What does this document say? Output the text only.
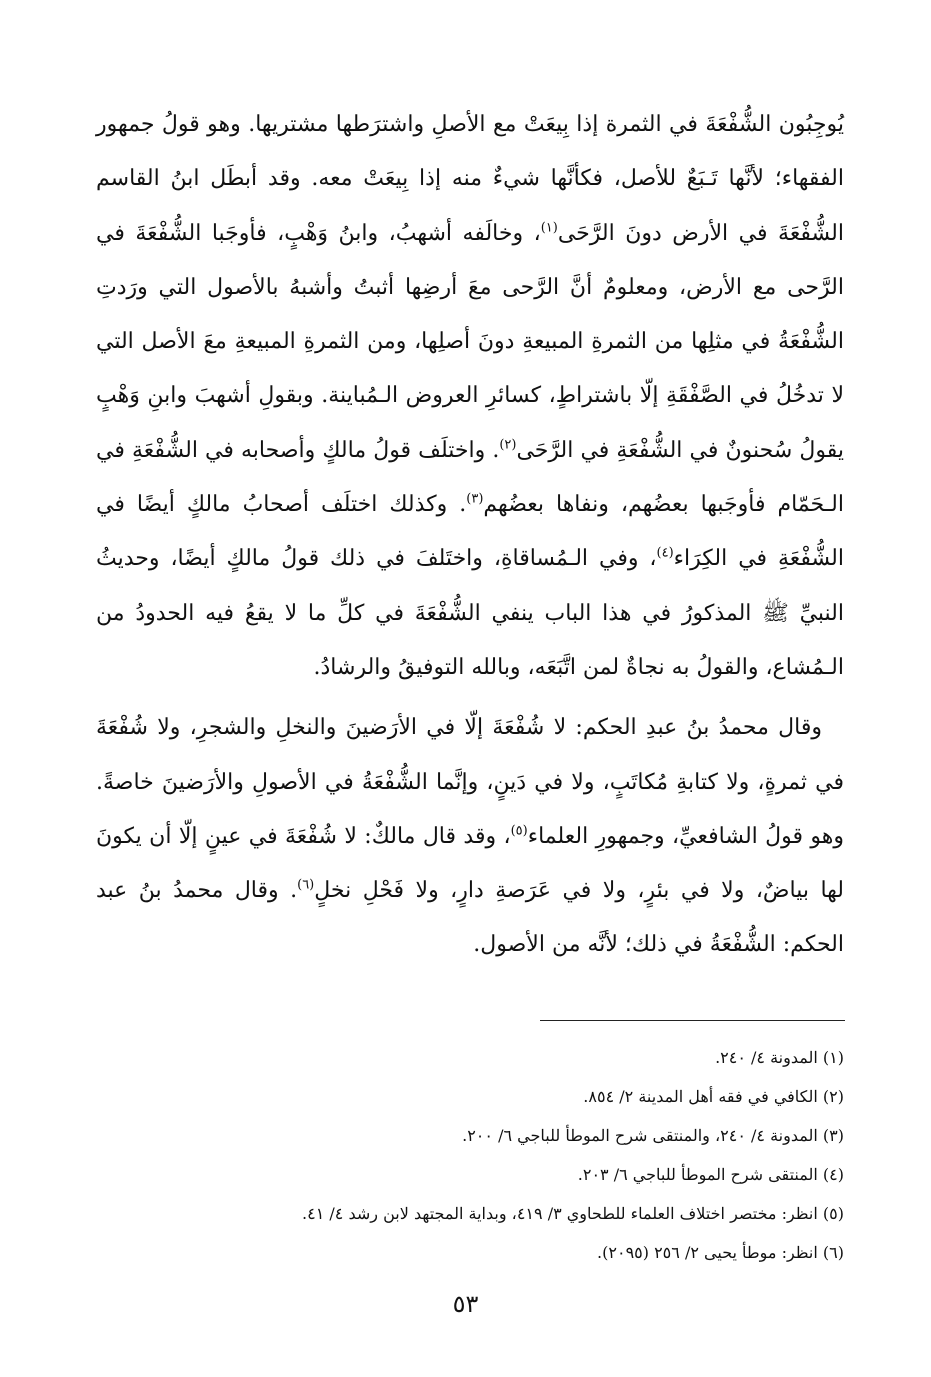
يُوجِبُون الشُّفْعَةَ في الثمرة إذا بِيعَتْ مع الأصلِ واشترَطها مشتريها. وهو قولُ جمهور الفقهاء؛ لأنَّها تَـبَعٌ للأصل، فكأنَّها شيءٌ منه إذا بِيعَتْ معه. وقد أبطَل ابنُ القاسم الشُّفْعَةَ في الأرض دونَ الرَّحَى$^{(١)}$، وخالَفه أشهبُ، وابنُ وَهْبٍ، فأوجَبا الشُّفْعَةَ في الرَّحى مع الأرض، ومعلومٌ أنَّ الرَّحى معَ أرضِها أثبتُ وأشبهُ بالأصول التي ورَدتِ الشُّفْعَةُ في مثلِها من الثمرةِ المبيعةِ دونَ أصلِها، ومن الثمرةِ المبيعةِ معَ الأصل التي لا تدخُلُ في الصَّفْقَةِ إلّا باشتراطٍ، كسائرِ العروض الـمُباينة. وبقولِ أشهبَ وابنِ وَهْبٍ يقولُ سُحنونٌ في الشُّفْعَةِ في الرَّحَى$^{(٢)}$. واختلَف قولُ مالكٍ وأصحابه في الشُّفْعَةِ في الـحَمّام فأوجَبها بعضُهم، ونفاها بعضُهم$^{(٣)}$. وكذلك اختلَف أصحابُ مالكٍ أيضًا في الشُّفْعَةِ في الكِرَاء$^{(٤)}$، وفي الـمُساقاةِ، واختَلفَ في ذلك قولُ مالكٍ أيضًا، وحديثُ النبيِّ ﷺ المذكورُ في هذا الباب ينفي الشُّفْعَةَ في كلِّ ما لا يقعُ فيه الحدودُ من الـمُشاع، والقولُ به نجاةٌ لمن اتَّبَعَه، وبالله التوفيقُ والرشادُ.

وقال محمدُ بنُ عبدِ الحكم: لا شُفْعَةَ إلّا في الأرَضينَ والنخلِ والشجرِ، ولا شُفْعَةَ في ثمرةٍ، ولا كتابةِ مُكاتَبٍ، ولا في دَينٍ، وإنَّما الشُّفْعَةُ في الأصولِ والأرَضينَ خاصةً. وهو قولُ الشافعيِّ، وجمهورِ العلماء$^{(٥)}$، وقد قال مالكٌ: لا شُفْعَةَ في عينٍ إلّا أن يكونَ لها بياضٌ، ولا في بئرٍ، ولا في عَرَصةِ دارٍ، ولا فَحْلِ نخلٍ$^{(٦)}$. وقال محمدُ بنُ عبد الحكم: الشُّفْعَةُ في ذلك؛ لأنَّه من الأصول.

(١) المدونة ٤/ ٢٤٠.

(٢) الكافي في فقه أهل المدينة ٢/ ٨٥٤.

(٣) المدونة ٤/ ٢٤٠، والمنتقى شرح الموطأ للباجي ٦/ ٢٠٠.

(٤) المنتقى شرح الموطأ للباجي ٦/ ٢٠٣.

(٥) انظر: مختصر اختلاف العلماء للطحاوي ٣/ ٤١٩، وبداية المجتهد لابن رشد ٤/ ٤١.

(٦) انظر: موطأ يحيى ٢/ ٢٥٦ (٢٠٩٥).

٥٣
